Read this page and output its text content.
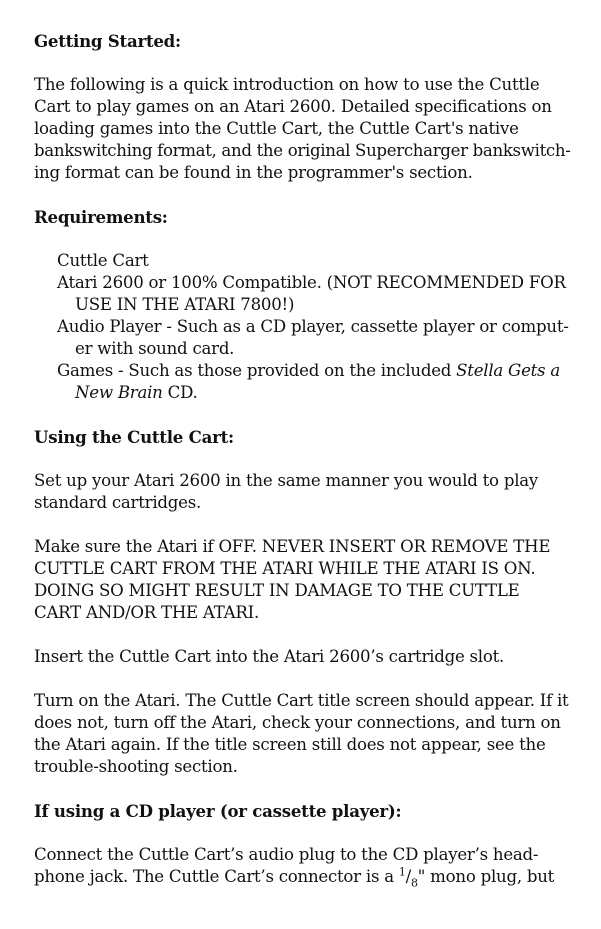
Getting Started:
The following is a quick introduction on how to use the Cuttle
Cart to play games on an Atari 2600. Detailed specifications on
loading games into the Cuttle Cart, the Cuttle Cart's native
bankswitching format, and the original Supercharger bankswitch-
ing format can be found in the programmer's section.
Requirements:
Cuttle Cart
Atari 2600 or 100% Compatible. (NOT RECOMMENDED FOR
USE IN THE ATARI 7800!)
Audio Player - Such as a CD player, cassette player or comput-
er with sound card.
Games - Such as those provided on the included Stella Gets a
New Brain CD.
Using the Cuttle Cart:
Set up your Atari 2600 in the same manner you would to play
standard cartridges.
Make sure the Atari if OFF. NEVER INSERT OR REMOVE THE
CUTTLE CART FROM THE ATARI WHILE THE ATARI IS ON.
DOING SO MIGHT RESULT IN DAMAGE TO THE CUTTLE
CART AND/OR THE ATARI.
Insert the Cuttle Cart into the Atari 2600’s cartridge slot.
Turn on the Atari. The Cuttle Cart title screen should appear. If it
does not, turn off the Atari, check your connections, and turn on
the Atari again. If the title screen still does not appear, see the
trouble-shooting section.
If using a CD player (or cassette player):
Connect the Cuttle Cart’s audio plug to the CD player’s head-
phone jack. The Cuttle Cart’s connector is a $^1/_8$" mono plug, but
